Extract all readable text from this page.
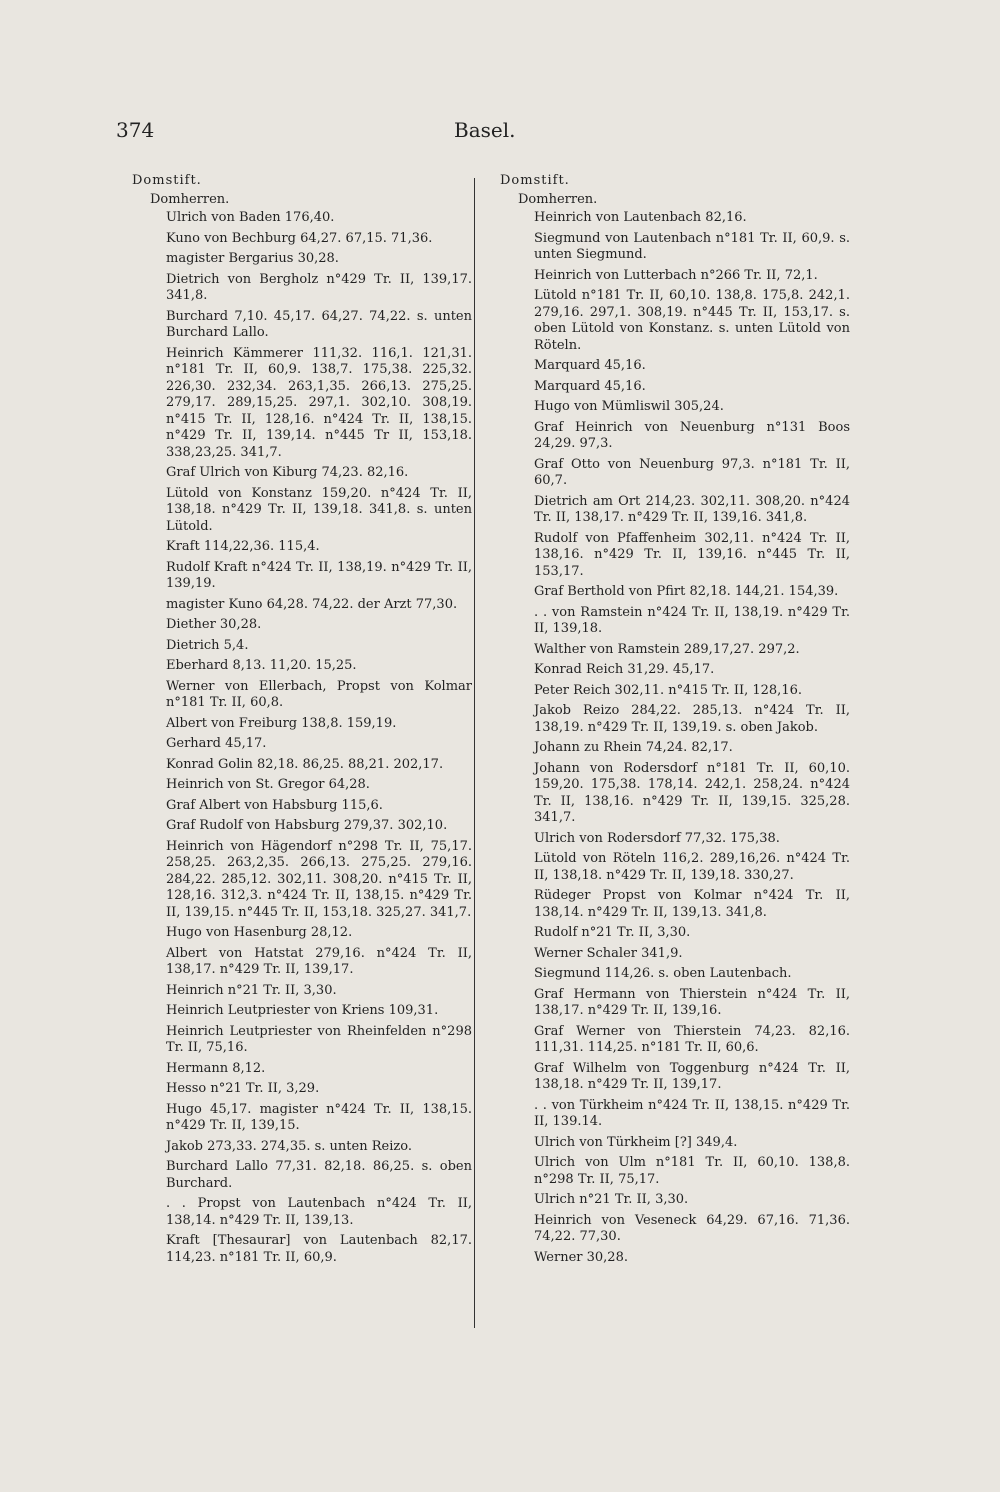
374	Basel.
Domstift.
Domherren.
Ulrich von Baden 176,40.
Kuno von Bechburg 64,27. 67,15. 71,36.
magister Bergarius 30,28.
Dietrich von Bergholz n°429 Tr. II, 139,17. 341,8.
Burchard 7,10. 45,17. 64,27. 74,22. s. unten Burchard Lallo.
Heinrich Kämmerer 111,32. 116,1. 121,31. n°181 Tr. II, 60,9. 138,7. 175,38. 225,32. 226,30. 232,34. 263,1,35. 266,13. 275,25. 279,17. 289,15,25. 297,1. 302,10. 308,19. n°415 Tr. II, 128,16. n°424 Tr. II, 138,15. n°429 Tr. II, 139,14. n°445 Tr II, 153,18. 338,23,25. 341,7.
Graf Ulrich von Kiburg 74,23. 82,16.
Lütold von Konstanz 159,20. n°424 Tr. II, 138,18. n°429 Tr. II, 139,18. 341,8. s. unten Lütold.
Kraft 114,22,36. 115,4.
Rudolf Kraft n°424 Tr. II, 138,19. n°429 Tr. II, 139,19.
magister Kuno 64,28. 74,22. der Arzt 77,30.
Diether 30,28.
Dietrich 5,4.
Eberhard 8,13. 11,20. 15,25.
Werner von Ellerbach, Propst von Kolmar n°181 Tr. II, 60,8.
Albert von Freiburg 138,8. 159,19.
Gerhard 45,17.
Konrad Golin 82,18. 86,25. 88,21. 202,17.
Heinrich von St. Gregor 64,28.
Graf Albert von Habsburg 115,6.
Graf Rudolf von Habsburg 279,37. 302,10.
Heinrich von Hägendorf n°298 Tr. II, 75,17. 258,25. 263,2,35. 266,13. 275,25. 279,16. 284,22. 285,12. 302,11. 308,20. n°415 Tr. II, 128,16. 312,3. n°424 Tr. II, 138,15. n°429 Tr. II, 139,15. n°445 Tr. II, 153,18. 325,27. 341,7.
Hugo von Hasenburg 28,12.
Albert von Hatstat 279,16. n°424 Tr. II, 138,17. n°429 Tr. II, 139,17.
Heinrich n°21 Tr. II, 3,30.
Heinrich Leutpriester von Kriens 109,31.
Heinrich Leutpriester von Rheinfelden n°298 Tr. II, 75,16.
Hermann 8,12.
Hesso n°21 Tr. II, 3,29.
Hugo 45,17. magister n°424 Tr. II, 138,15. n°429 Tr. II, 139,15.
Jakob 273,33. 274,35. s. unten Reizo.
Burchard Lallo 77,31. 82,18. 86,25. s. oben Burchard.
. . Propst von Lautenbach n°424 Tr. II, 138,14. n°429 Tr. II, 139,13.
Kraft [Thesaurar] von Lautenbach 82,17. 114,23. n°181 Tr. II, 60,9.
Domstift.
Domherren.
Heinrich von Lautenbach 82,16.
Siegmund von Lautenbach n°181 Tr. II, 60,9. s. unten Siegmund.
Heinrich von Lutterbach n°266 Tr. II, 72,1.
Lütold n°181 Tr. II, 60,10. 138,8. 175,8. 242,1. 279,16. 297,1. 308,19. n°445 Tr. II, 153,17. s. oben Lütold von Konstanz. s. unten Lütold von Röteln.
Marquard 45,16.
Marquard 45,16.
Hugo von Mümliswil 305,24.
Graf Heinrich von Neuenburg n°131 Boos 24,29. 97,3.
Graf Otto von Neuenburg 97,3. n°181 Tr. II, 60,7.
Dietrich am Ort 214,23. 302,11. 308,20. n°424 Tr. II, 138,17. n°429 Tr. II, 139,16. 341,8.
Rudolf von Pfaffenheim 302,11. n°424 Tr. II, 138,16. n°429 Tr. II, 139,16. n°445 Tr. II, 153,17.
Graf Berthold von Pfirt 82,18. 144,21. 154,39.
. . von Ramstein n°424 Tr. II, 138,19. n°429 Tr. II, 139,18.
Walther von Ramstein 289,17,27. 297,2.
Konrad Reich 31,29. 45,17.
Peter Reich 302,11. n°415 Tr. II, 128,16.
Jakob Reizo 284,22. 285,13. n°424 Tr. II, 138,19. n°429 Tr. II, 139,19. s. oben Jakob.
Johann zu Rhein 74,24. 82,17.
Johann von Rodersdorf n°181 Tr. II, 60,10. 159,20. 175,38. 178,14. 242,1. 258,24. n°424 Tr. II, 138,16. n°429 Tr. II, 139,15. 325,28. 341,7.
Ulrich von Rodersdorf 77,32. 175,38.
Lütold von Röteln 116,2. 289,16,26. n°424 Tr. II, 138,18. n°429 Tr. II, 139,18. 330,27.
Rüdeger Propst von Kolmar n°424 Tr. II, 138,14. n°429 Tr. II, 139,13. 341,8.
Rudolf n°21 Tr. II, 3,30.
Werner Schaler 341,9.
Siegmund 114,26. s. oben Lautenbach.
Graf Hermann von Thierstein n°424 Tr. II, 138,17. n°429 Tr. II, 139,16.
Graf Werner von Thierstein 74,23. 82,16. 111,31. 114,25. n°181 Tr. II, 60,6.
Graf Wilhelm von Toggenburg n°424 Tr. II, 138,18. n°429 Tr. II, 139,17.
. . von Türkheim n°424 Tr. II, 138,15. n°429 Tr. II, 139.14.
Ulrich von Türkheim [?] 349,4.
Ulrich von Ulm n°181 Tr. II, 60,10. 138,8. n°298 Tr. II, 75,17.
Ulrich n°21 Tr. II, 3,30.
Heinrich von Veseneck 64,29. 67,16. 71,36. 74,22. 77,30.
Werner 30,28.
